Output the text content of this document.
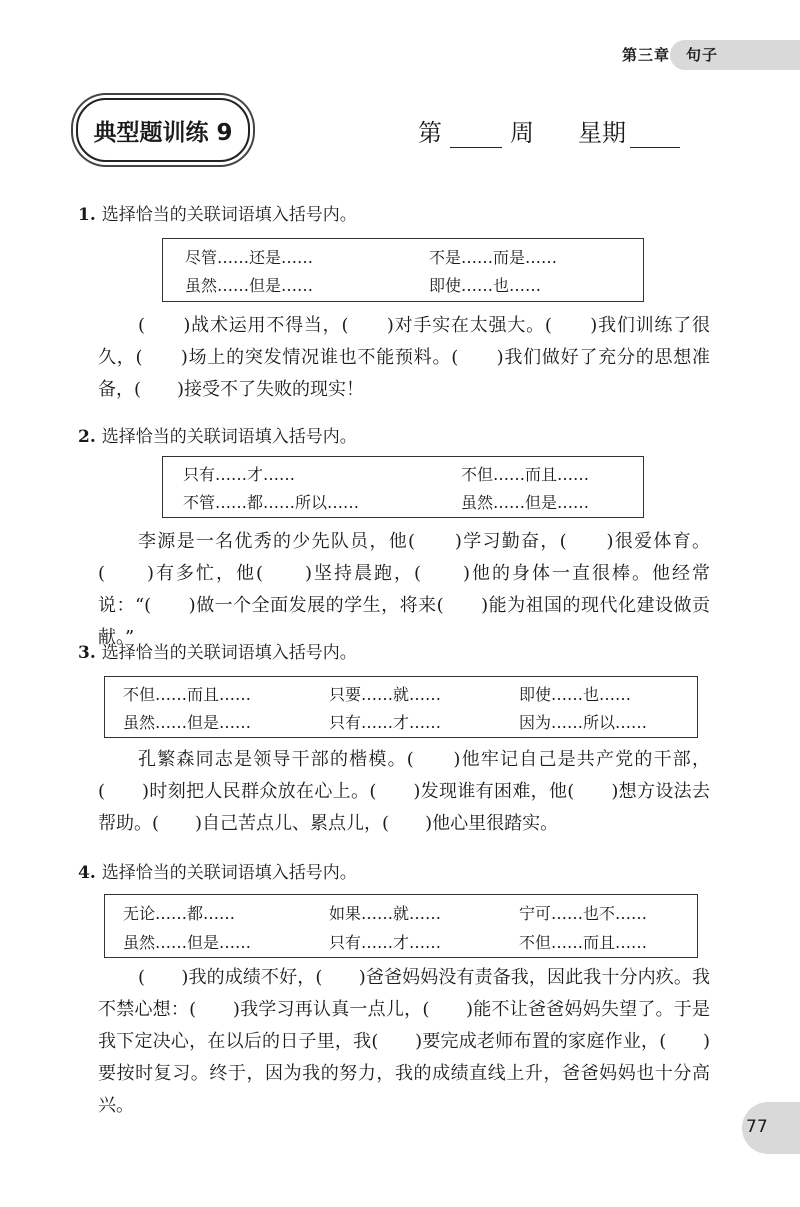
第三章　句子
典型题训练 9	第	周 星期
1. 选择恰当的关联词语填入括号内。
尽管……还是……	不是……而是……
虽然……但是……	即使……也……
(　　)战术运用不得当，(　　)对手实在太强大。(　　)我们训练了很久，(　　)场上的突发情况谁也不能预料。(　　)我们做好了充分的思想准备，(　　)接受不了失败的现实！
2. 选择恰当的关联词语填入括号内。
只有……才……	不但……而且……
不管……都……所以……	虽然……但是……
李源是一名优秀的少先队员，他(　　)学习勤奋，(　　)很爱体育。(　　)有多忙，他(　　)坚持晨跑，(　　)他的身体一直很棒。他经常说：“(　　)做一个全面发展的学生，将来(　　)能为祖国的现代化建设做贡献。”
3. 选择恰当的关联词语填入括号内。
不但……而且……	只要……就……	即使……也……
虽然……但是……	只有……才……	因为……所以……
孔繁森同志是领导干部的楷模。(　　)他牢记自己是共产党的干部，(　　)时刻把人民群众放在心上。(　　)发现谁有困难，他(　　)想方设法去帮助。(　　)自己苦点儿、累点儿，(　　)他心里很踏实。
4. 选择恰当的关联词语填入括号内。
无论……都……	如果……就……	宁可……也不……
虽然……但是……	只有……才……	不但……而且……
(　　)我的成绩不好，(　　)爸爸妈妈没有责备我，因此我十分内疚。我不禁心想：(　　)我学习再认真一点儿，(　　)能不让爸爸妈妈失望了。于是我下定决心，在以后的日子里，我(　　)要完成老师布置的家庭作业，(　　)要按时复习。终于，因为我的努力，我的成绩直线上升，爸爸妈妈也十分高兴。
77
